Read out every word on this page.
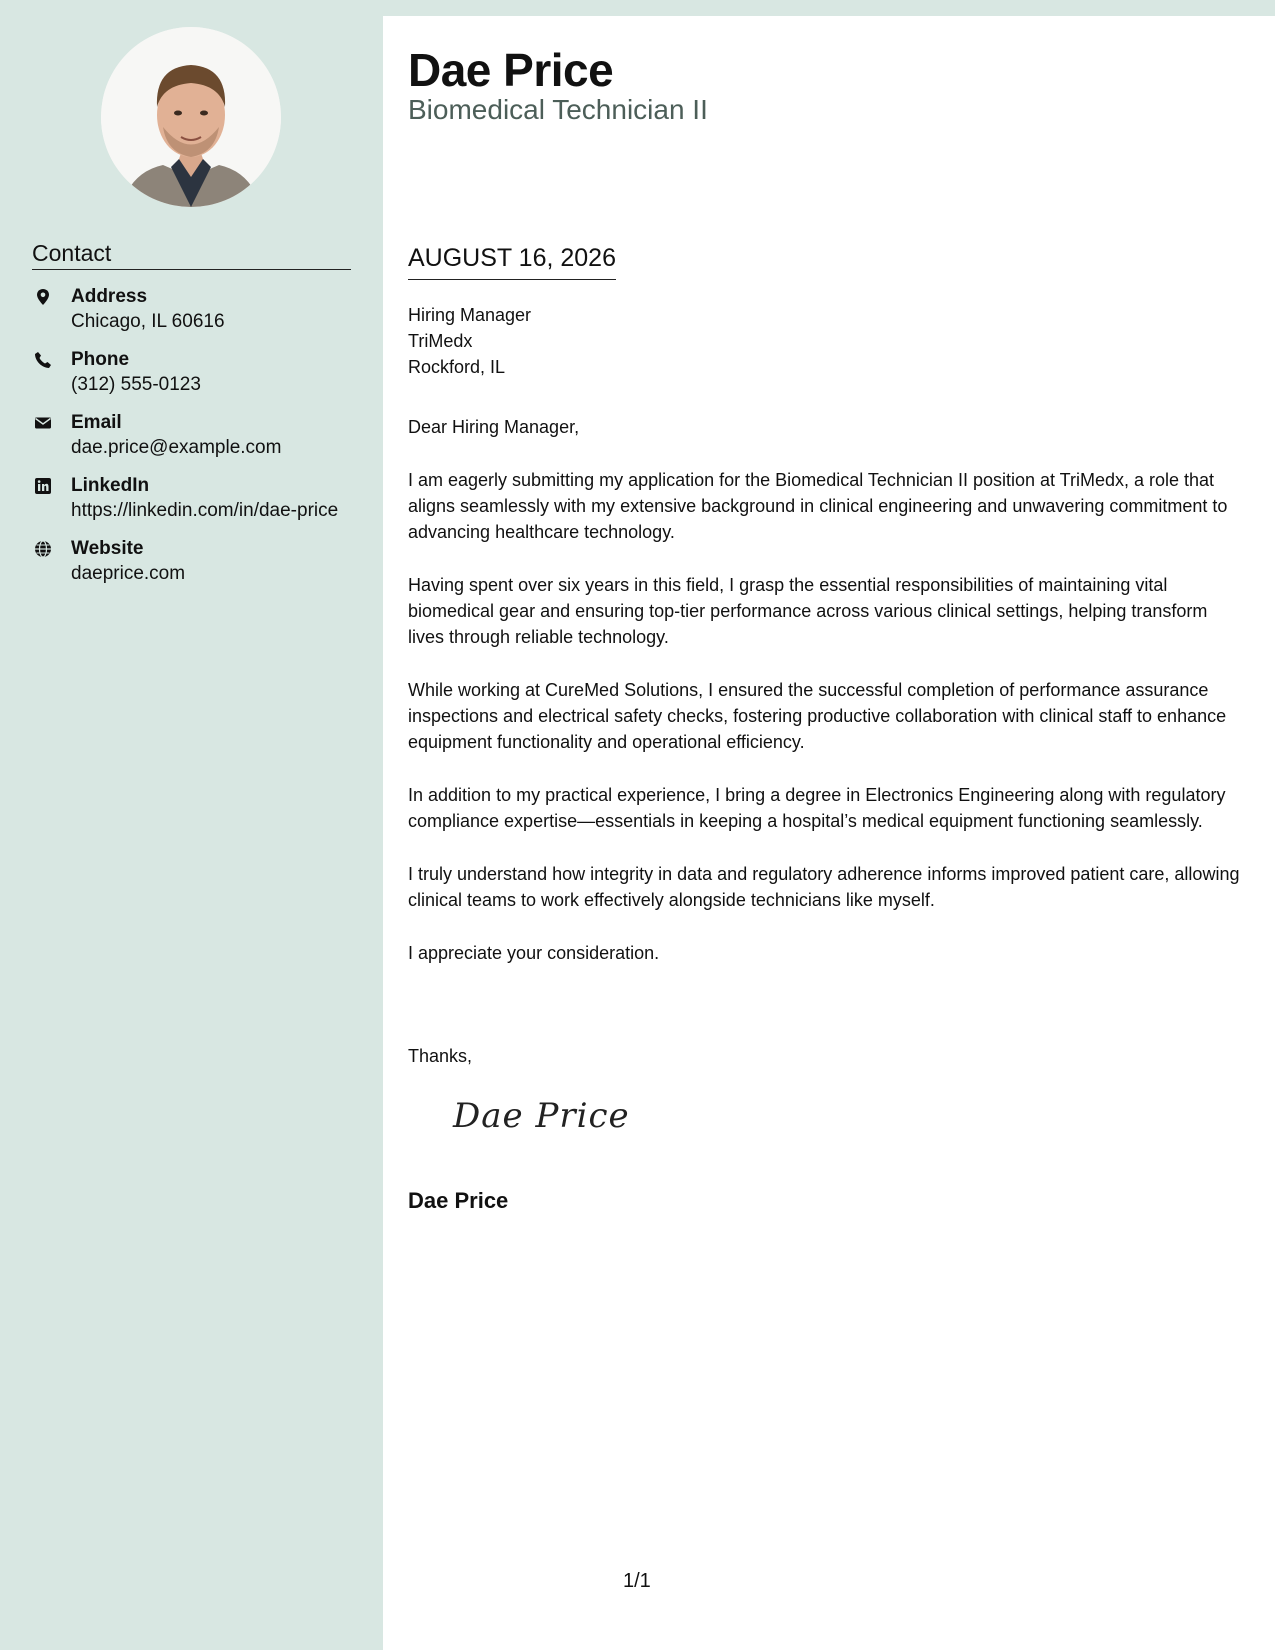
Contact
Address
Chicago, IL 60616
Phone
(312) 555-0123
Email
dae.price@example.com
LinkedIn
https://linkedin.com/in/dae-price
Website
daeprice.com
Dae Price
Biomedical Technician II
AUGUST 16, 2026
Hiring Manager
TriMedx
Rockford, IL

Dear Hiring Manager,

I am eagerly submitting my application for the Biomedical Technician II position at TriMedx, a role that aligns seamlessly with my extensive background in clinical engineering and unwavering commitment to advancing healthcare technology.

Having spent over six years in this field, I grasp the essential responsibilities of maintaining vital biomedical gear and ensuring top-tier performance across various clinical settings, helping transform lives through reliable technology.

While working at CureMed Solutions, I ensured the successful completion of performance assurance inspections and electrical safety checks, fostering productive collaboration with clinical staff to enhance equipment functionality and operational efficiency.

In addition to my practical experience, I bring a degree in Electronics Engineering along with regulatory compliance expertise—essentials in keeping a hospital’s medical equipment functioning seamlessly.

I truly understand how integrity in data and regulatory adherence informs improved patient care, allowing clinical teams to work effectively alongside technicians like myself.

I appreciate your consideration.

Thanks,
Dae Price
Dae Price
1/1
